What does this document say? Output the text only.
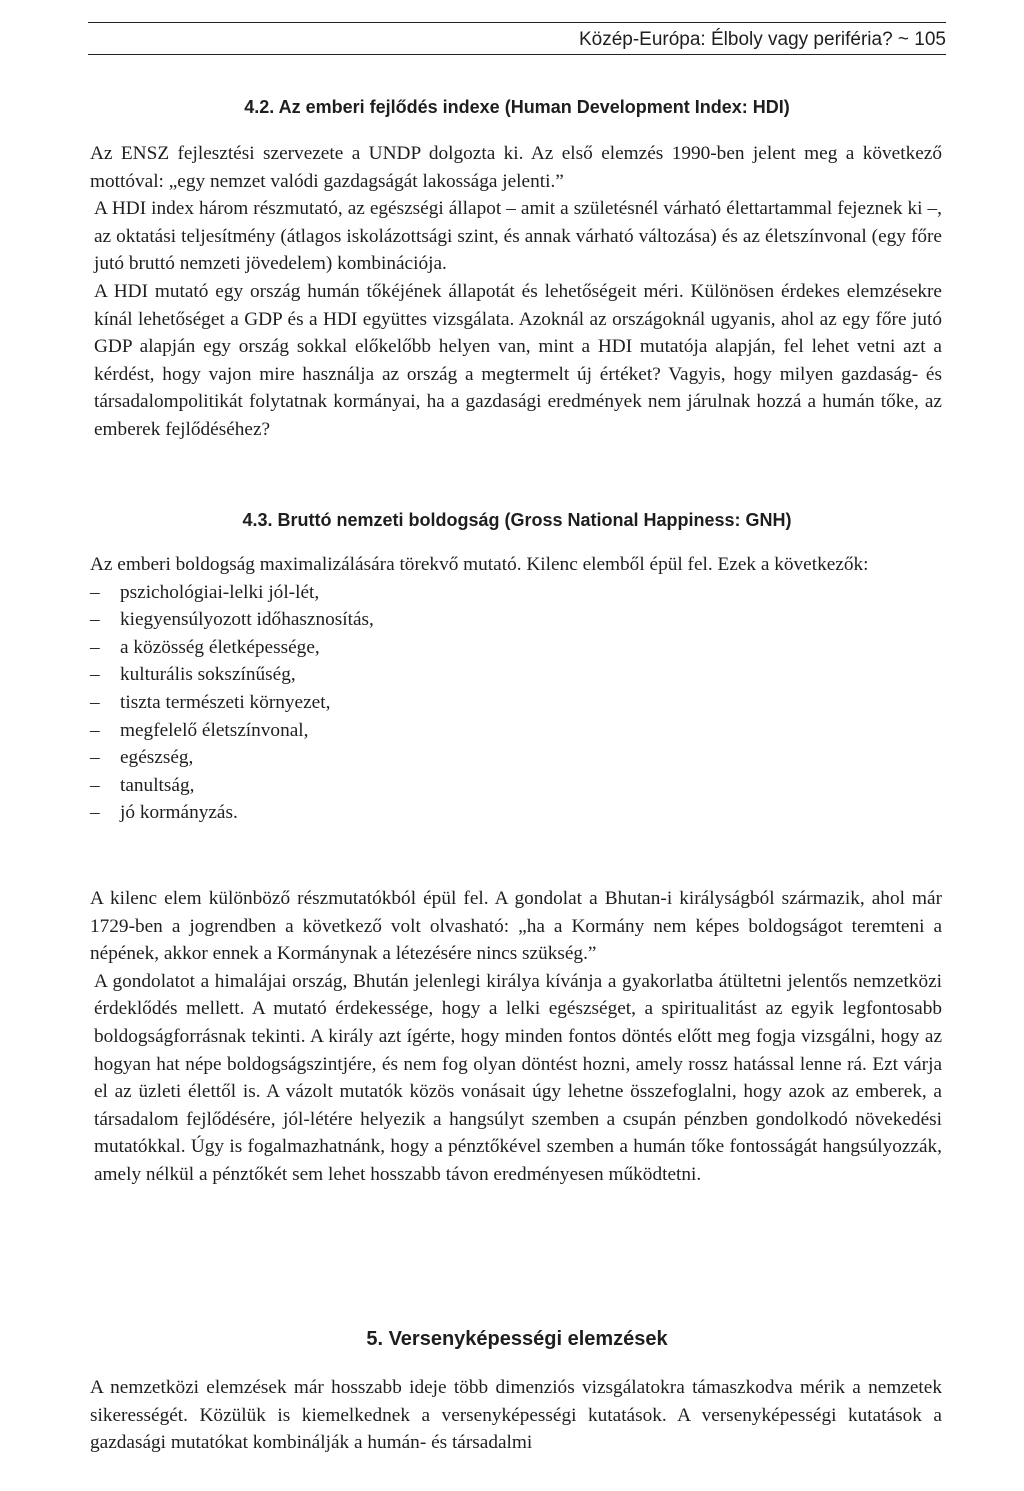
Közép-Európa: Élboly vagy periféria? ~ 105
4.2. Az emberi fejlődés indexe (Human Development Index: HDI)

Az ENSZ fejlesztési szervezete a UNDP dolgozta ki. Az első elemzés 1990-ben jelent meg a következő mottóval: „egy nemzet valódi gazdagságát lakossága jelenti.”

A HDI index három részmutató, az egészségi állapot – amit a születésnél várható élettartammal fejeznek ki –, az oktatási teljesítmény (átlagos iskolázottsági szint, és annak várható változása) és az életszínvonal (egy főre jutó bruttó nemzeti jövedelem) kombinációja.

A HDI mutató egy ország humán tőkéjének állapotát és lehetőségeit méri. Különösen érdekes elemzésekre kínál lehetőséget a GDP és a HDI együttes vizsgálata. Azoknál az országoknál ugyanis, ahol az egy főre jutó GDP alapján egy ország sokkal előkelőbb helyen van, mint a HDI mutatója alapján, fel lehet vetni azt a kérdést, hogy vajon mire használja az ország a megtermelt új értéket? Vagyis, hogy milyen gazdaság- és társadalompolitikát folytatnak kormányai, ha a gazdasági eredmények nem járulnak hozzá a humán tőke, az emberek fejlődéséhez?

4.3. Bruttó nemzeti boldogság (Gross National Happiness: GNH)

Az emberi boldogság maximalizálására törekvő mutató. Kilenc elemből épül fel. Ezek a következők:

– pszichológiai-lelki jól-lét,
– kiegyensúlyozott időhasznosítás,
– a közösség életképessége,
– kulturális sokszínűség,
– tiszta természeti környezet,
– megfelelő életszínvonal,
– egészség,
– tanultság,
– jó kormányzás.

A kilenc elem különböző részmutatókból épül fel. A gondolat a Bhutan-i királyságból származik, ahol már 1729-ben a jogrendben a következő volt olvasható: „ha a Kormány nem képes boldogságot teremteni a népének, akkor ennek a Kormánynak a létezésére nincs szükség.”

A gondolatot a himalájai ország, Bhután jelenlegi királya kívánja a gyakorlatba átültetni jelentős nemzetközi érdeklődés mellett. A mutató érdekessége, hogy a lelki egészséget, a spiritualitást az egyik legfontosabb boldogságforrásnak tekinti. A király azt ígérte, hogy minden fontos döntés előtt meg fogja vizsgálni, hogy az hogyan hat népe boldogságszintjére, és nem fog olyan döntést hozni, amely rossz hatással lenne rá. Ezt várja el az üzleti élettől is. A vázolt mutatók közös vonásait úgy lehetne összefoglalni, hogy azok az emberek, a társadalom fejlődésére, jól-létére helyezik a hangsúlyt szemben a csupán pénzben gondolkodó növekedési mutatókkal. Úgy is fogalmazhatnánk, hogy a pénztőkével szemben a humán tőke fontosságát hangsúlyozzák, amely nélkül a pénztőkét sem lehet hosszabb távon eredményesen működtetni.

5. Versenyképességi elemzések

A nemzetközi elemzések már hosszabb ideje több dimenziós vizsgálatokra támaszkodva mérik a nemzetek sikerességét. Közülük is kiemelkednek a versenyképességi kutatások. A versenyképességi kutatások a gazdasági mutatókat kombinálják a humán- és társadalmi
